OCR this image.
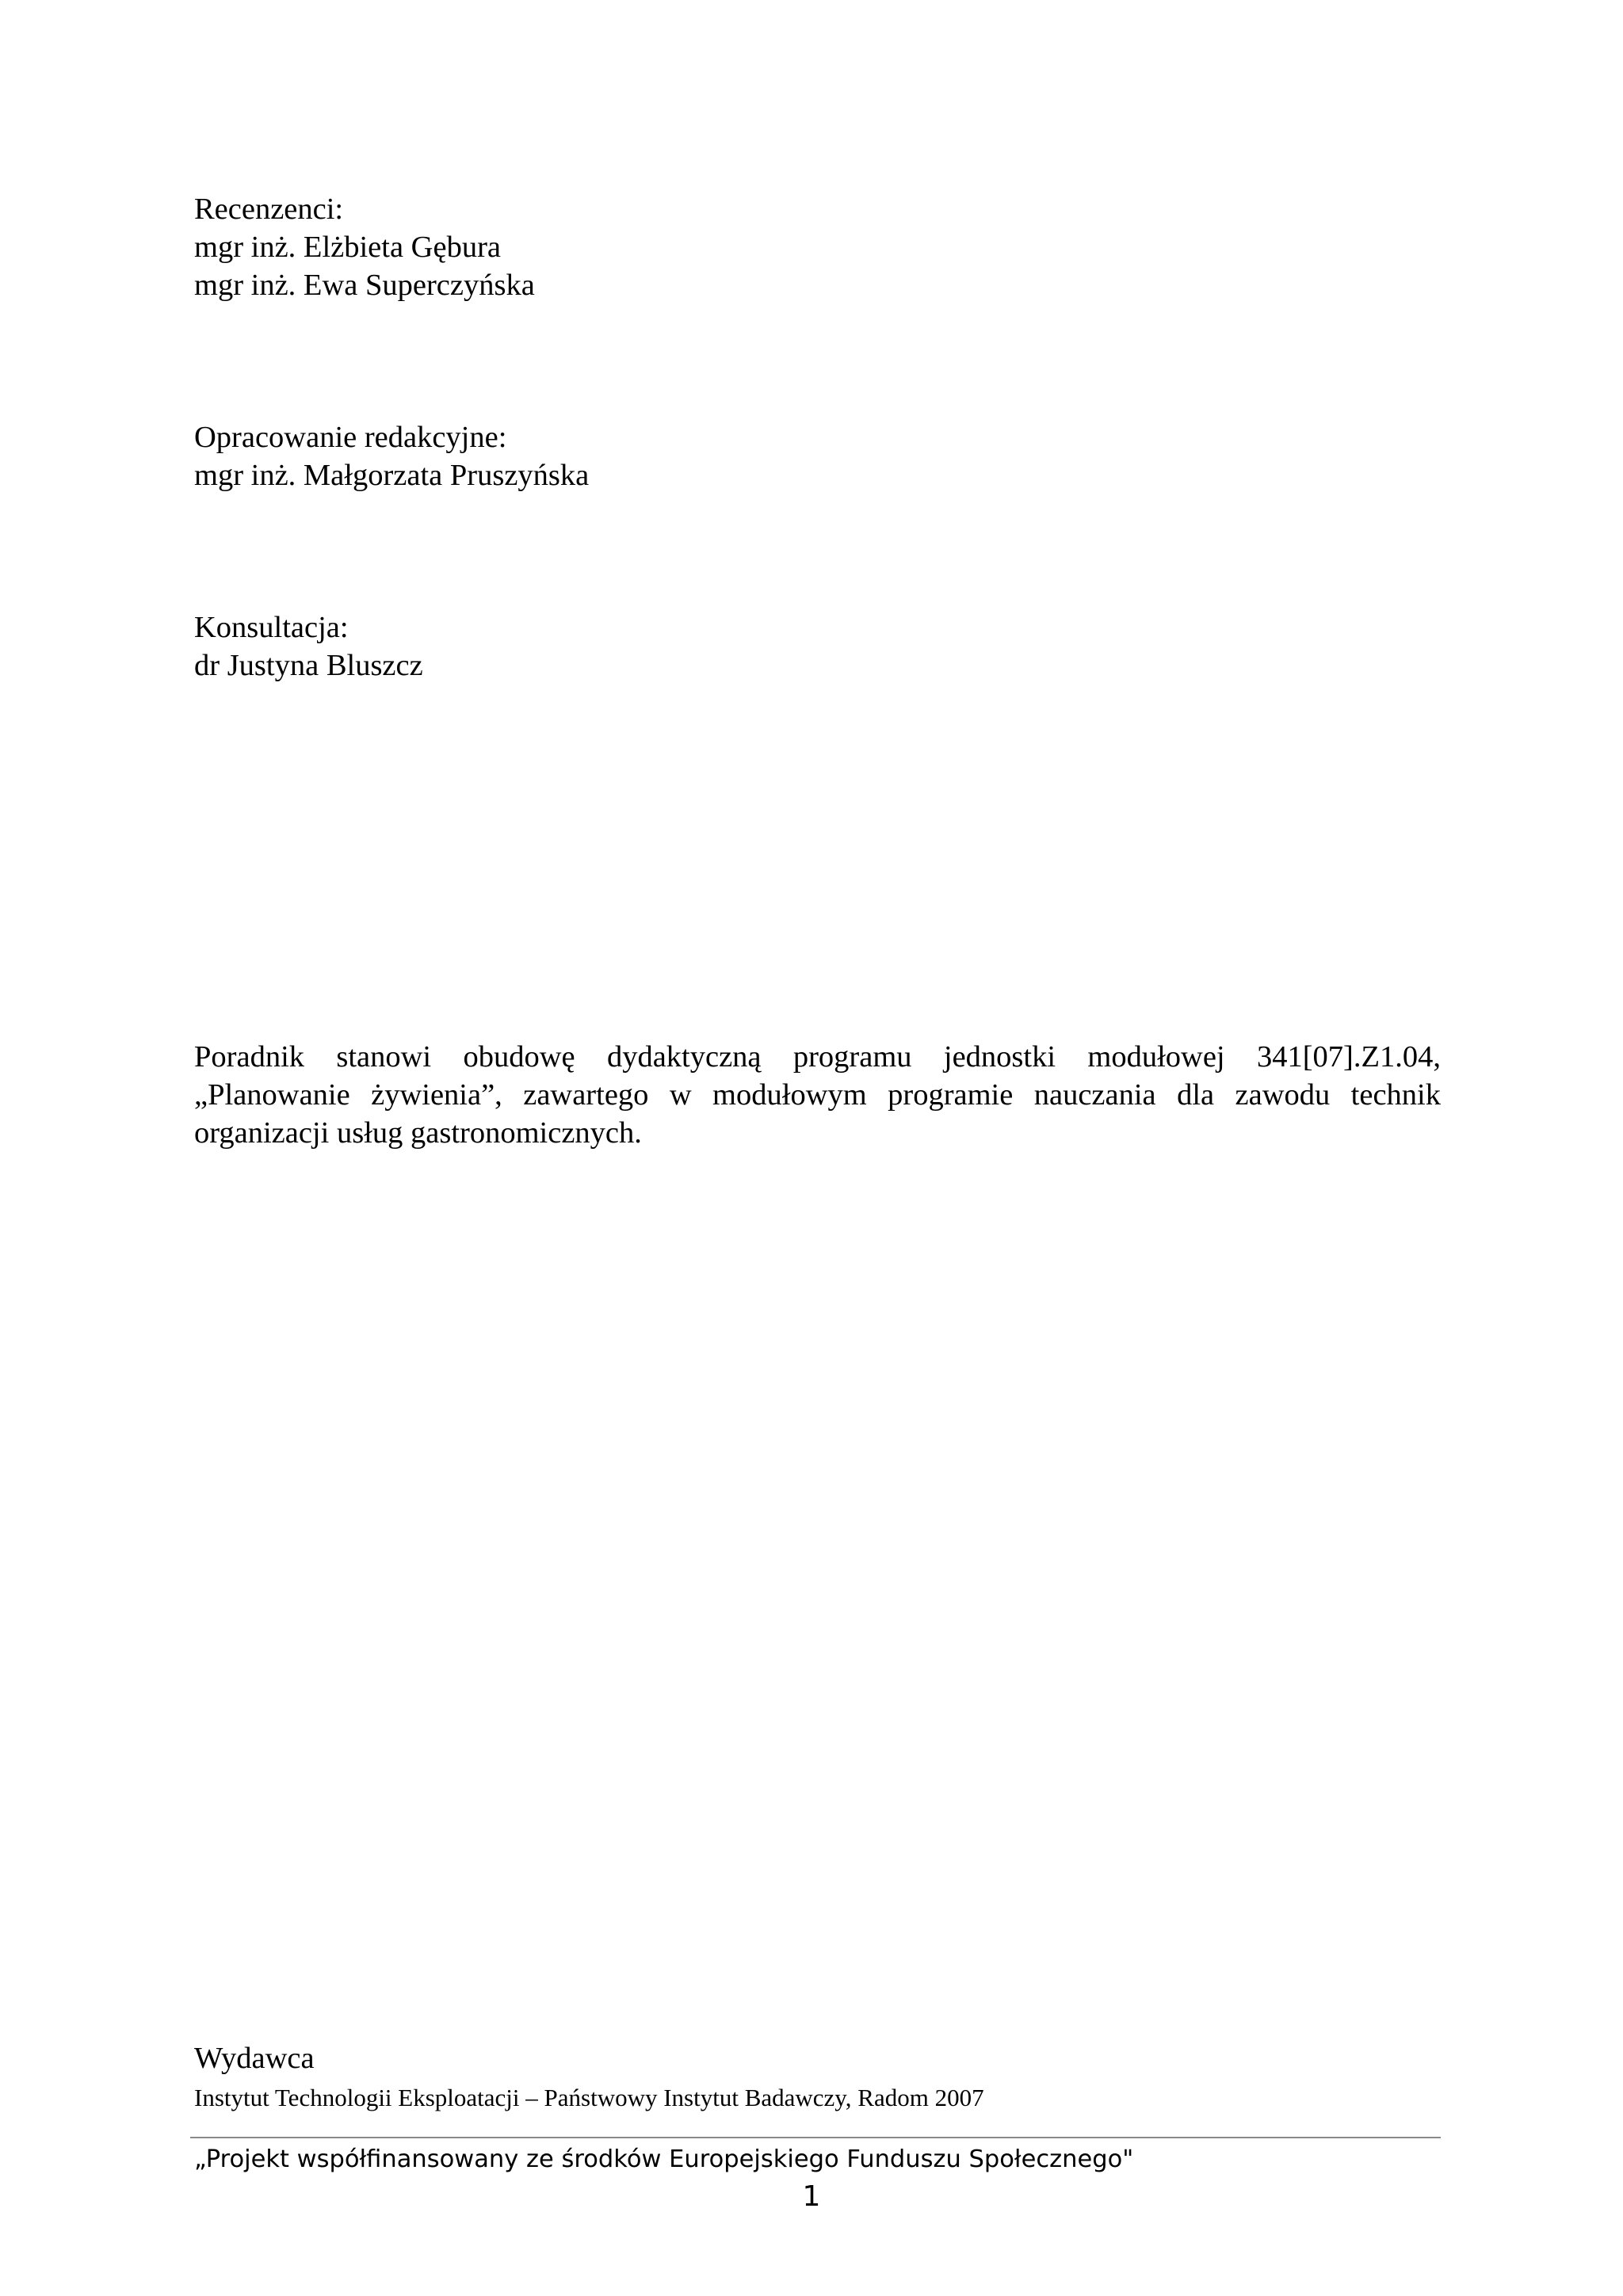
Recenzenci:
mgr inż. Elżbieta Gębura
mgr inż. Ewa Superczyńska
Opracowanie redakcyjne:
mgr inż. Małgorzata Pruszyńska
Konsultacja:
dr Justyna Bluszcz
Poradnik stanowi obudowę dydaktyczną programu jednostki modułowej 341[07].Z1.04,
„Planowanie żywienia”, zawartego w modułowym programie nauczania dla zawodu technik
organizacji usług gastronomicznych.
Wydawca
Instytut Technologii Eksploatacji – Państwowy Instytut Badawczy, Radom 2007
„Projekt współfinansowany ze środków Europejskiego Funduszu Społecznego"
1
